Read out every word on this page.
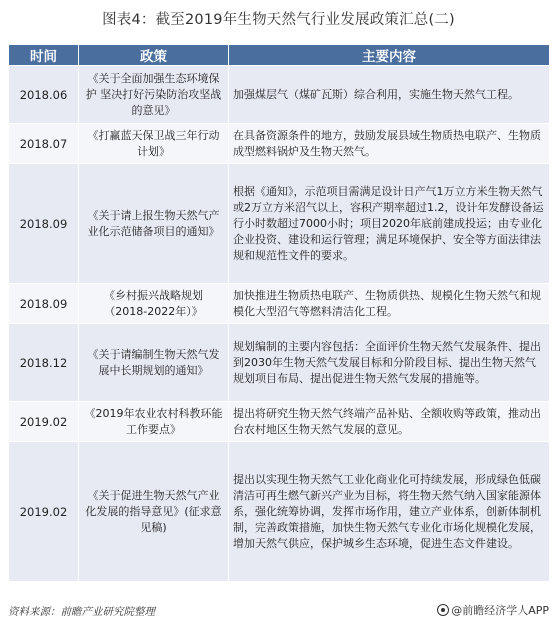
图表4：截至2019年生物天然气行业发展政策汇总(二)
时间	政策	主要内容
2018.06	《关于全面加强生态环境保护 坚决打好污染防治攻坚战的意见》	加强煤层气（煤矿瓦斯）综合利用，实施生物天然气工程。
2018.07	《打赢蓝天保卫战三年行动计划》	在具备资源条件的地方，鼓励发展县域生物质热电联产、生物质成型燃料锅炉及生物天然气。
2018.09	《关于请上报生物天然气产业化示范储备项目的通知》	根据《通知》，示范项目需满足设计日产气1万立方米生物天然气或2万立方米沼气以上，容积产期率超过1.2，设计年发酵设备运行小时数超过7000小时；项目2020年底前建成投运；由专业化企业投资、建设和运行管理；满足环境保护、安全等方面法律法规和规范性文件的要求。
2018.09	《乡村振兴战略规划（2018-2022年）》	加快推进生物质热电联产、生物质供热、规模化生物天然气和规模化大型沼气等燃料清洁化工程。
2018.12	《关于请编制生物天然气发展中长期规划的通知》	规划编制的主要内容包括：全面评价生物天然气发展条件、提出到2030年生物天然气发展目标和分阶段目标、提出生物天然气规划项目布局、提出促进生物天然气发展的措施等。
2019.02	《2019年农业农村科教环能工作要点》	提出将研究生物天然气终端产品补贴、全额收购等政策，推动出台农村地区生物天然气发展的意见。
2019.02	《关于促进生物天然气产业化发展的指导意见》(征求意见稿)	提出以实现生物天然气工业化商业化可持续发展，形成绿色低碳清洁可再生燃气新兴产业为目标，将生物天然气纳入国家能源体系，强化统筹协调，发挥市场作用，建立产业体系，创新体制机制，完善政策措施，加快生物天然气专业化市场化规模化发展，增加天然气供应，保护城乡生态环境，促进生态文件建设。
资料来源：前瞻产业研究院整理	@前瞻经济学人APP
